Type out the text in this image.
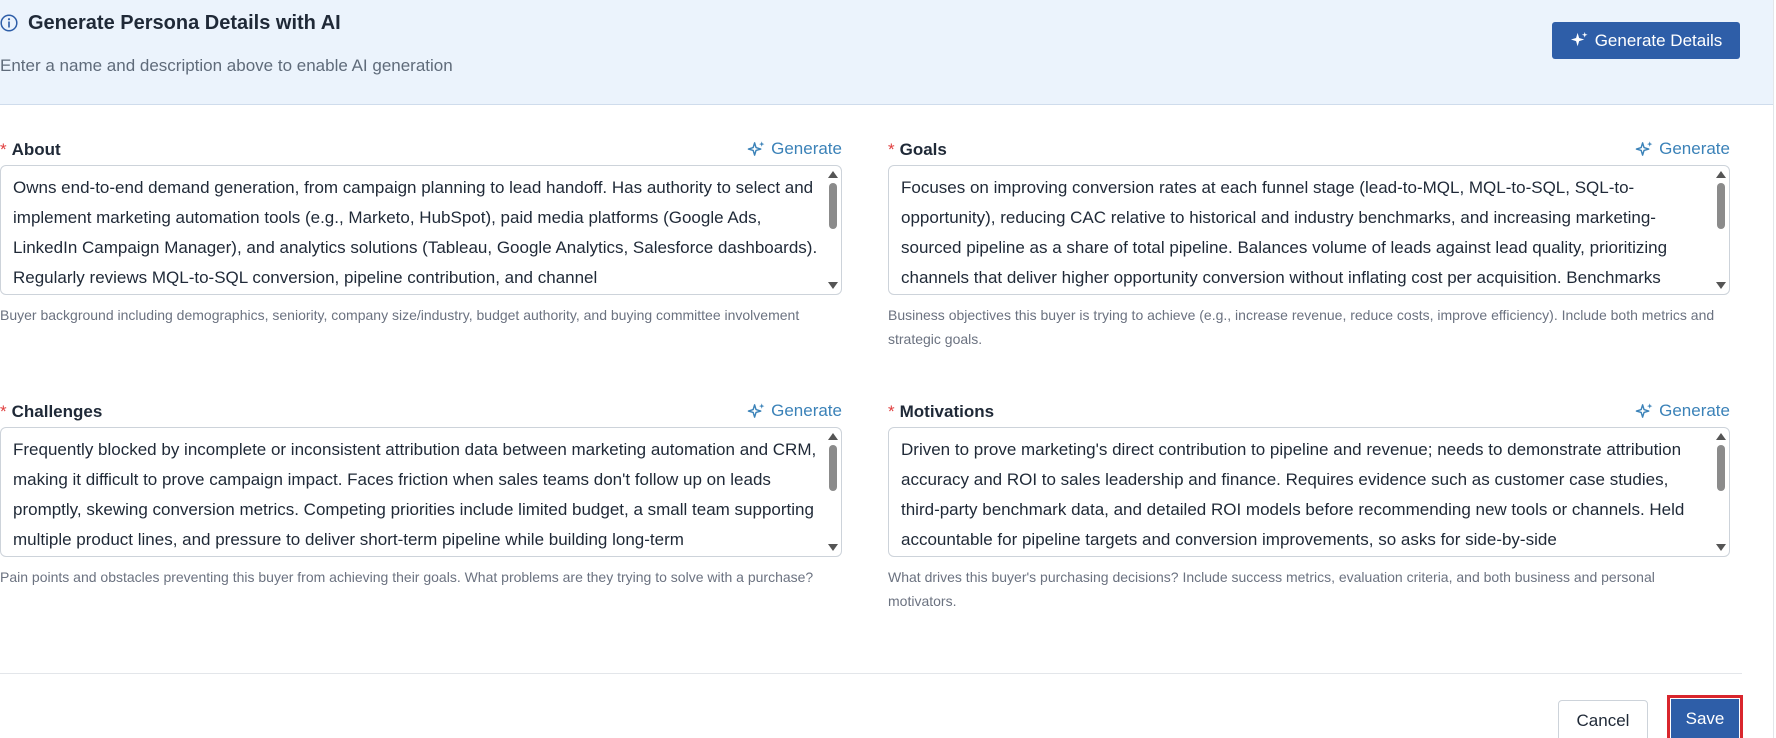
Generate Persona Details with AI
Enter a name and description above to enable AI generation
Generate Details
* About	Generate
Owns end-to-end demand generation, from campaign planning to lead handoff. Has authority to select and implement marketing automation tools (e.g., Marketo, HubSpot), paid media platforms (Google Ads, LinkedIn Campaign Manager), and analytics solutions (Tableau, Google Analytics, Salesforce dashboards). Regularly reviews MQL-to-SQL conversion, pipeline contribution, and channel
Buyer background including demographics, seniority, company size/industry, budget authority, and buying committee involvement
* Goals	Generate
Focuses on improving conversion rates at each funnel stage (lead-to-MQL, MQL-to-SQL, SQL-to-opportunity), reducing CAC relative to historical and industry benchmarks, and increasing marketing-sourced pipeline as a share of total pipeline. Balances volume of leads against lead quality, prioritizing channels that deliver higher opportunity conversion without inflating cost per acquisition. Benchmarks
Business objectives this buyer is trying to achieve (e.g., increase revenue, reduce costs, improve efficiency). Include both metrics and strategic goals.
* Challenges	Generate
Frequently blocked by incomplete or inconsistent attribution data between marketing automation and CRM, making it difficult to prove campaign impact. Faces friction when sales teams don't follow up on leads promptly, skewing conversion metrics. Competing priorities include limited budget, a small team supporting multiple product lines, and pressure to deliver short-term pipeline while building long-term
Pain points and obstacles preventing this buyer from achieving their goals. What problems are they trying to solve with a purchase?
* Motivations	Generate
Driven to prove marketing's direct contribution to pipeline and revenue; needs to demonstrate attribution accuracy and ROI to sales leadership and finance. Requires evidence such as customer case studies, third-party benchmark data, and detailed ROI models before recommending new tools or channels. Held accountable for pipeline targets and conversion improvements, so asks for side-by-side
What drives this buyer's purchasing decisions? Include success metrics, evaluation criteria, and both business and personal motivators.
Cancel	Save
